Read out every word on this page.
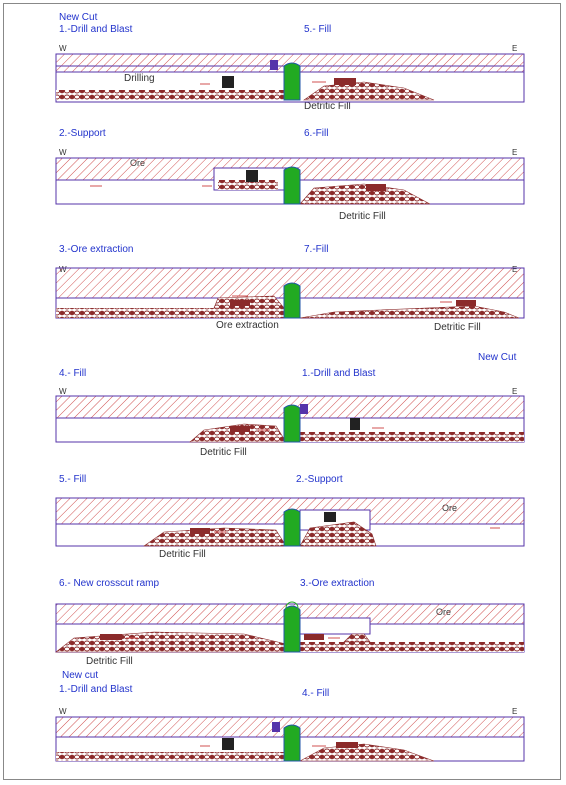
New Cut
1.-Drill and Blast	5.- Fill
W	E
Drilling
Detritic Fill
2.-Support	6.-Fill
W	E
Detritic Fill
3.-Ore extraction	7.-Fill
Ore extraction	Detritic Fill
New Cut
4.- Fill	1.-Drill and Blast
W	E
Detritic Fill
5.- Fill	2.-Support
Detritic Fill
6.- New crosscut ramp	3.-Ore extraction
Detritic Fill
New cut
1.-Drill and Blast	4.- Fill
W	E
